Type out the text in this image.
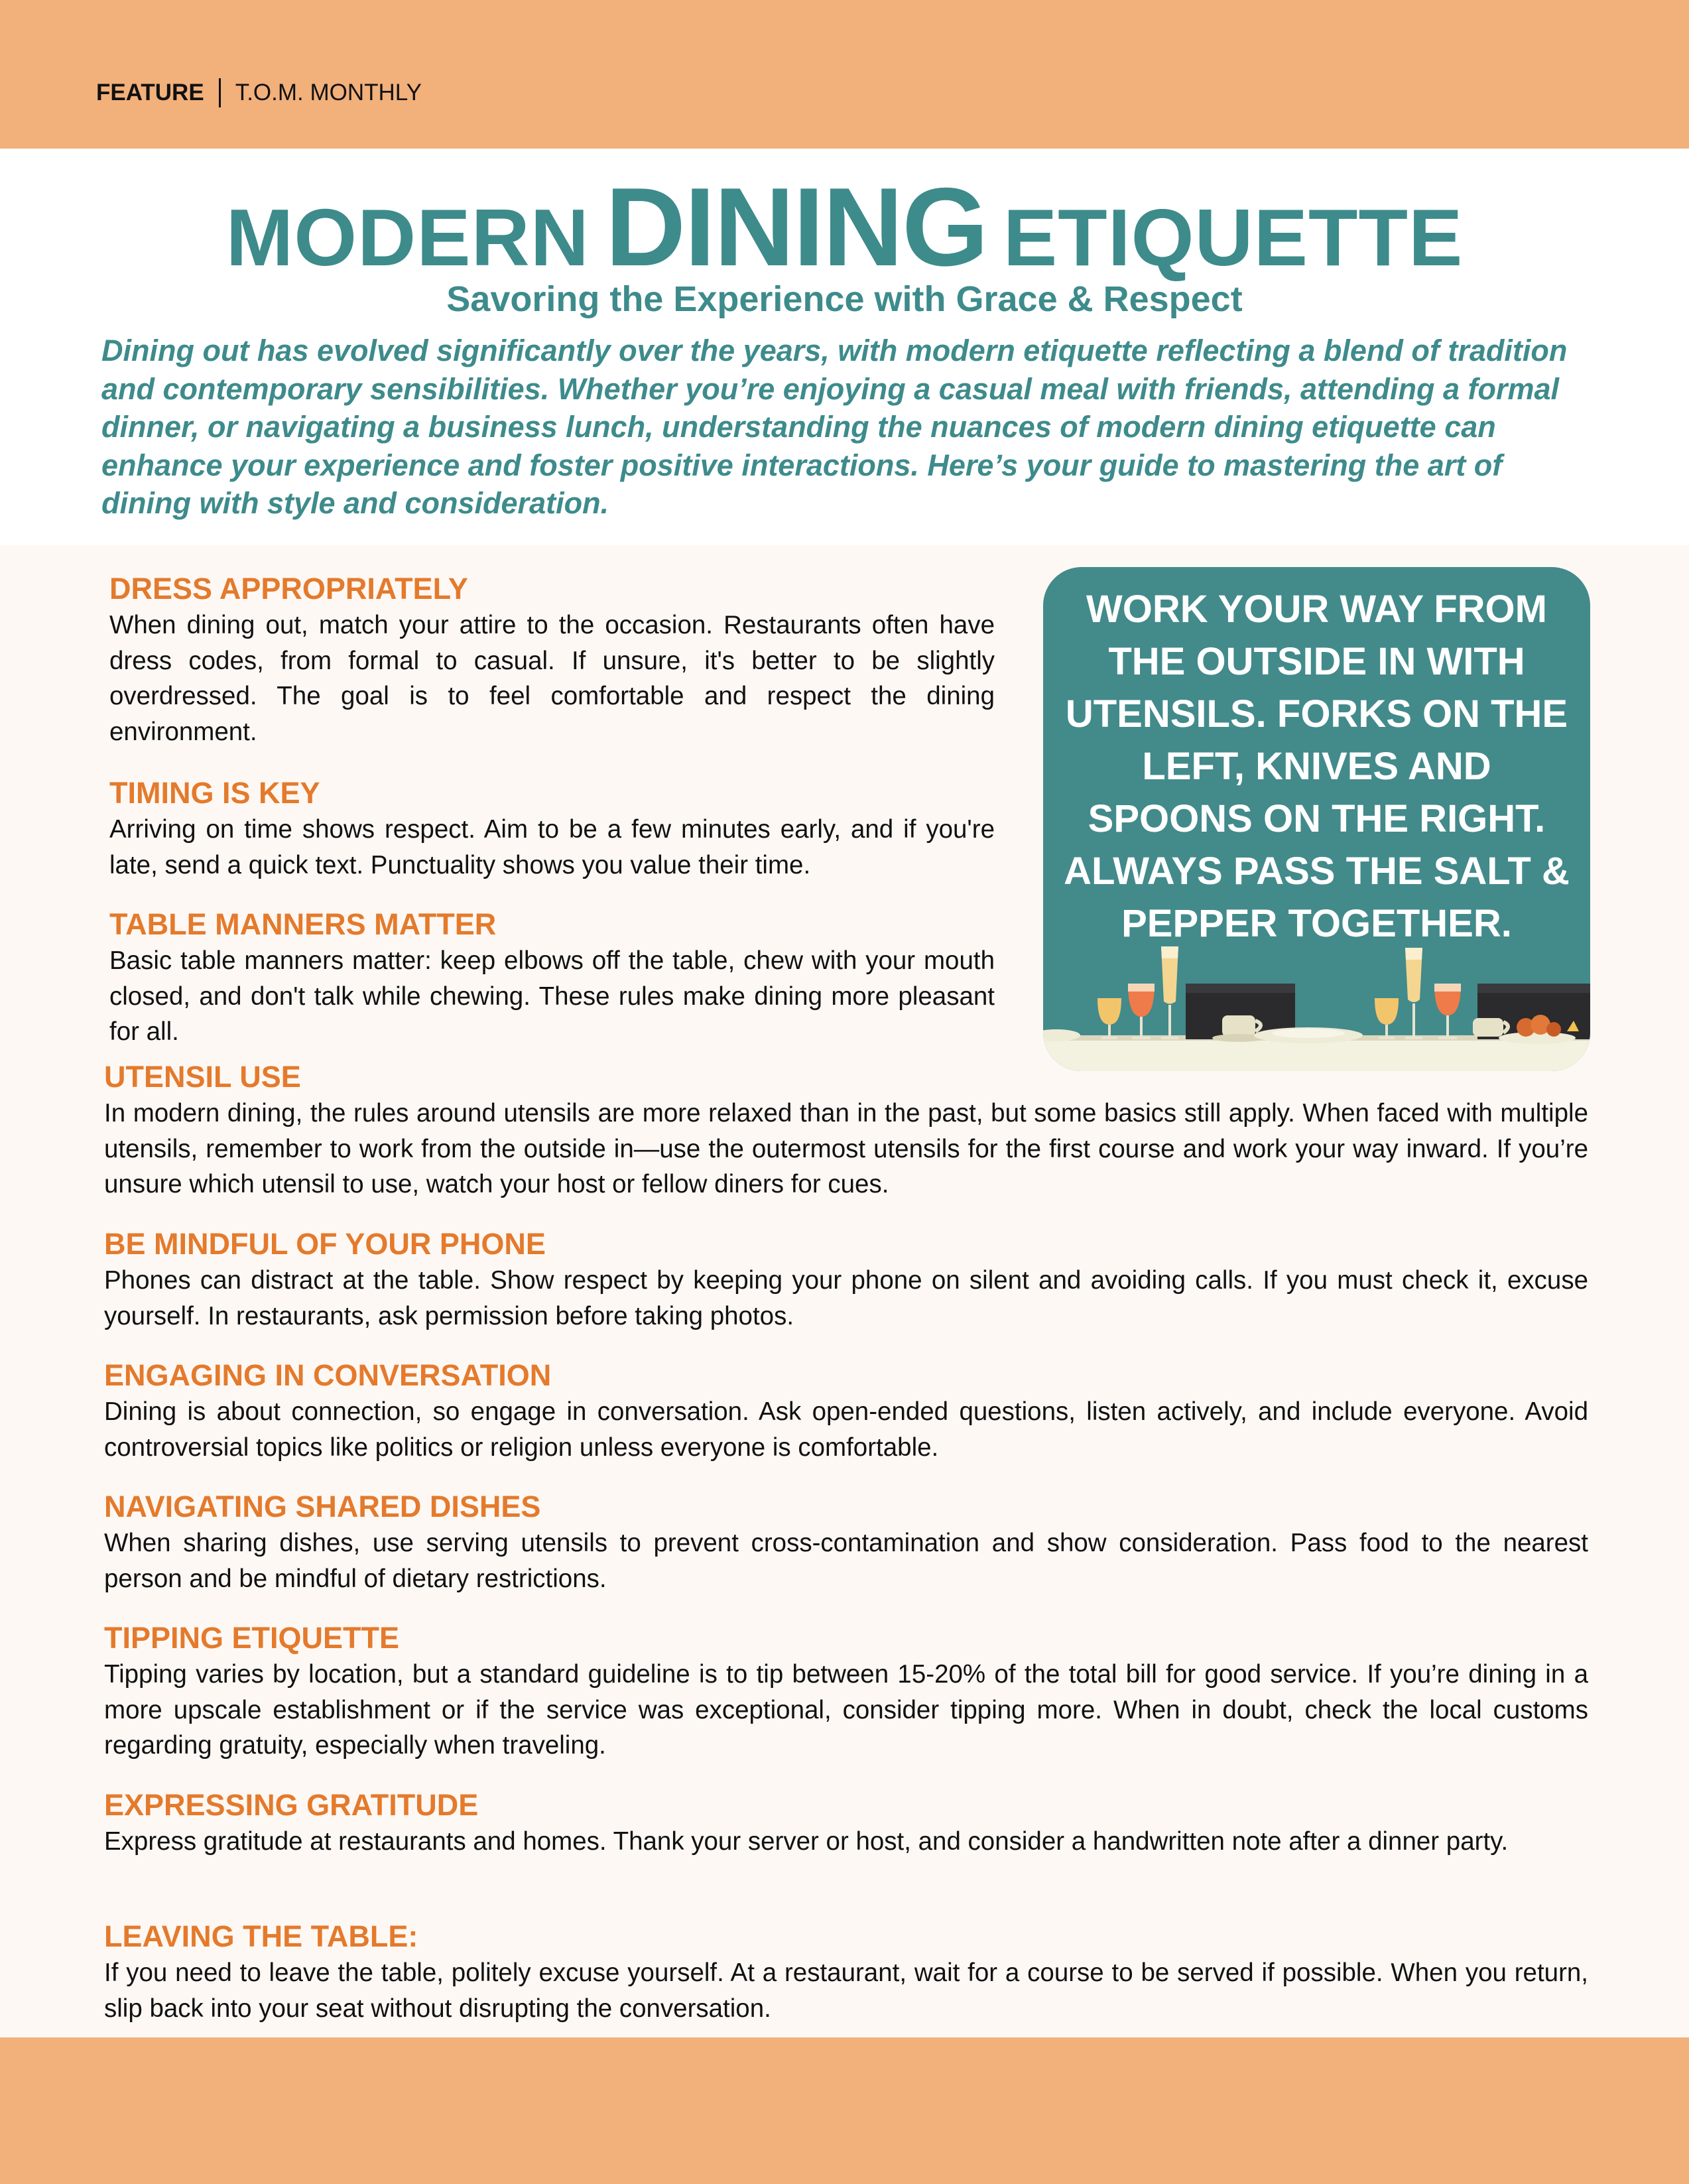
FEATURE T.O.M. MONTHLY
MODERN DINING ETIQUETTE
Savoring the Experience with Grace & Respect
Dining out has evolved significantly over the years, with modern etiquette reflecting a blend of tradition and contemporary sensibilities. Whether you’re enjoying a casual meal with friends, attending a formal dinner, or navigating a business lunch, understanding the nuances of modern dining etiquette can enhance your experience and foster positive interactions. Here’s your guide to mastering the art of dining with style and consideration.
WORK YOUR WAY FROM THE OUTSIDE IN WITH UTENSILS. FORKS ON THE LEFT, KNIVES AND SPOONS ON THE RIGHT. ALWAYS PASS THE SALT & PEPPER TOGETHER.
DRESS APPROPRIATELY

When dining out, match your attire to the occasion. Restaurants often have dress codes, from formal to casual. If unsure, it's better to be slightly overdressed. The goal is to feel comfortable and respect the dining environment.

TIMING IS KEY

Arriving on time shows respect. Aim to be a few minutes early, and if you're late, send a quick text. Punctuality shows you value their time.

TABLE MANNERS MATTER

Basic table manners matter: keep elbows off the table, chew with your mouth closed, and don't talk while chewing. These rules make dining more pleasant for all.

UTENSIL USE

In modern dining, the rules around utensils are more relaxed than in the past, but some basics still apply. When faced with multiple utensils, remember to work from the outside in—use the outermost utensils for the first course and work your way inward. If you’re unsure which utensil to use, watch your host or fellow diners for cues.

BE MINDFUL OF YOUR PHONE

Phones can distract at the table. Show respect by keeping your phone on silent and avoiding calls. If you must check it, excuse yourself. In restaurants, ask permission before taking photos.

ENGAGING IN CONVERSATION

Dining is about connection, so engage in conversation. Ask open-ended questions, listen actively, and include everyone. Avoid controversial topics like politics or religion unless everyone is comfortable.

NAVIGATING SHARED DISHES

When sharing dishes, use serving utensils to prevent cross-contamination and show consideration. Pass food to the nearest person and be mindful of dietary restrictions.

TIPPING ETIQUETTE

Tipping varies by location, but a standard guideline is to tip between 15-20% of the total bill for good service. If you’re dining in a more upscale establishment or if the service was exceptional, consider tipping more. When in doubt, check the local customs regarding gratuity, especially when traveling.

EXPRESSING GRATITUDE

Express gratitude at restaurants and homes. Thank your server or host, and consider a handwritten note after a dinner party.

LEAVING THE TABLE:

If you need to leave the table, politely excuse yourself. At a restaurant, wait for a course to be served if possible. When you return, slip back into your seat without disrupting the conversation.
